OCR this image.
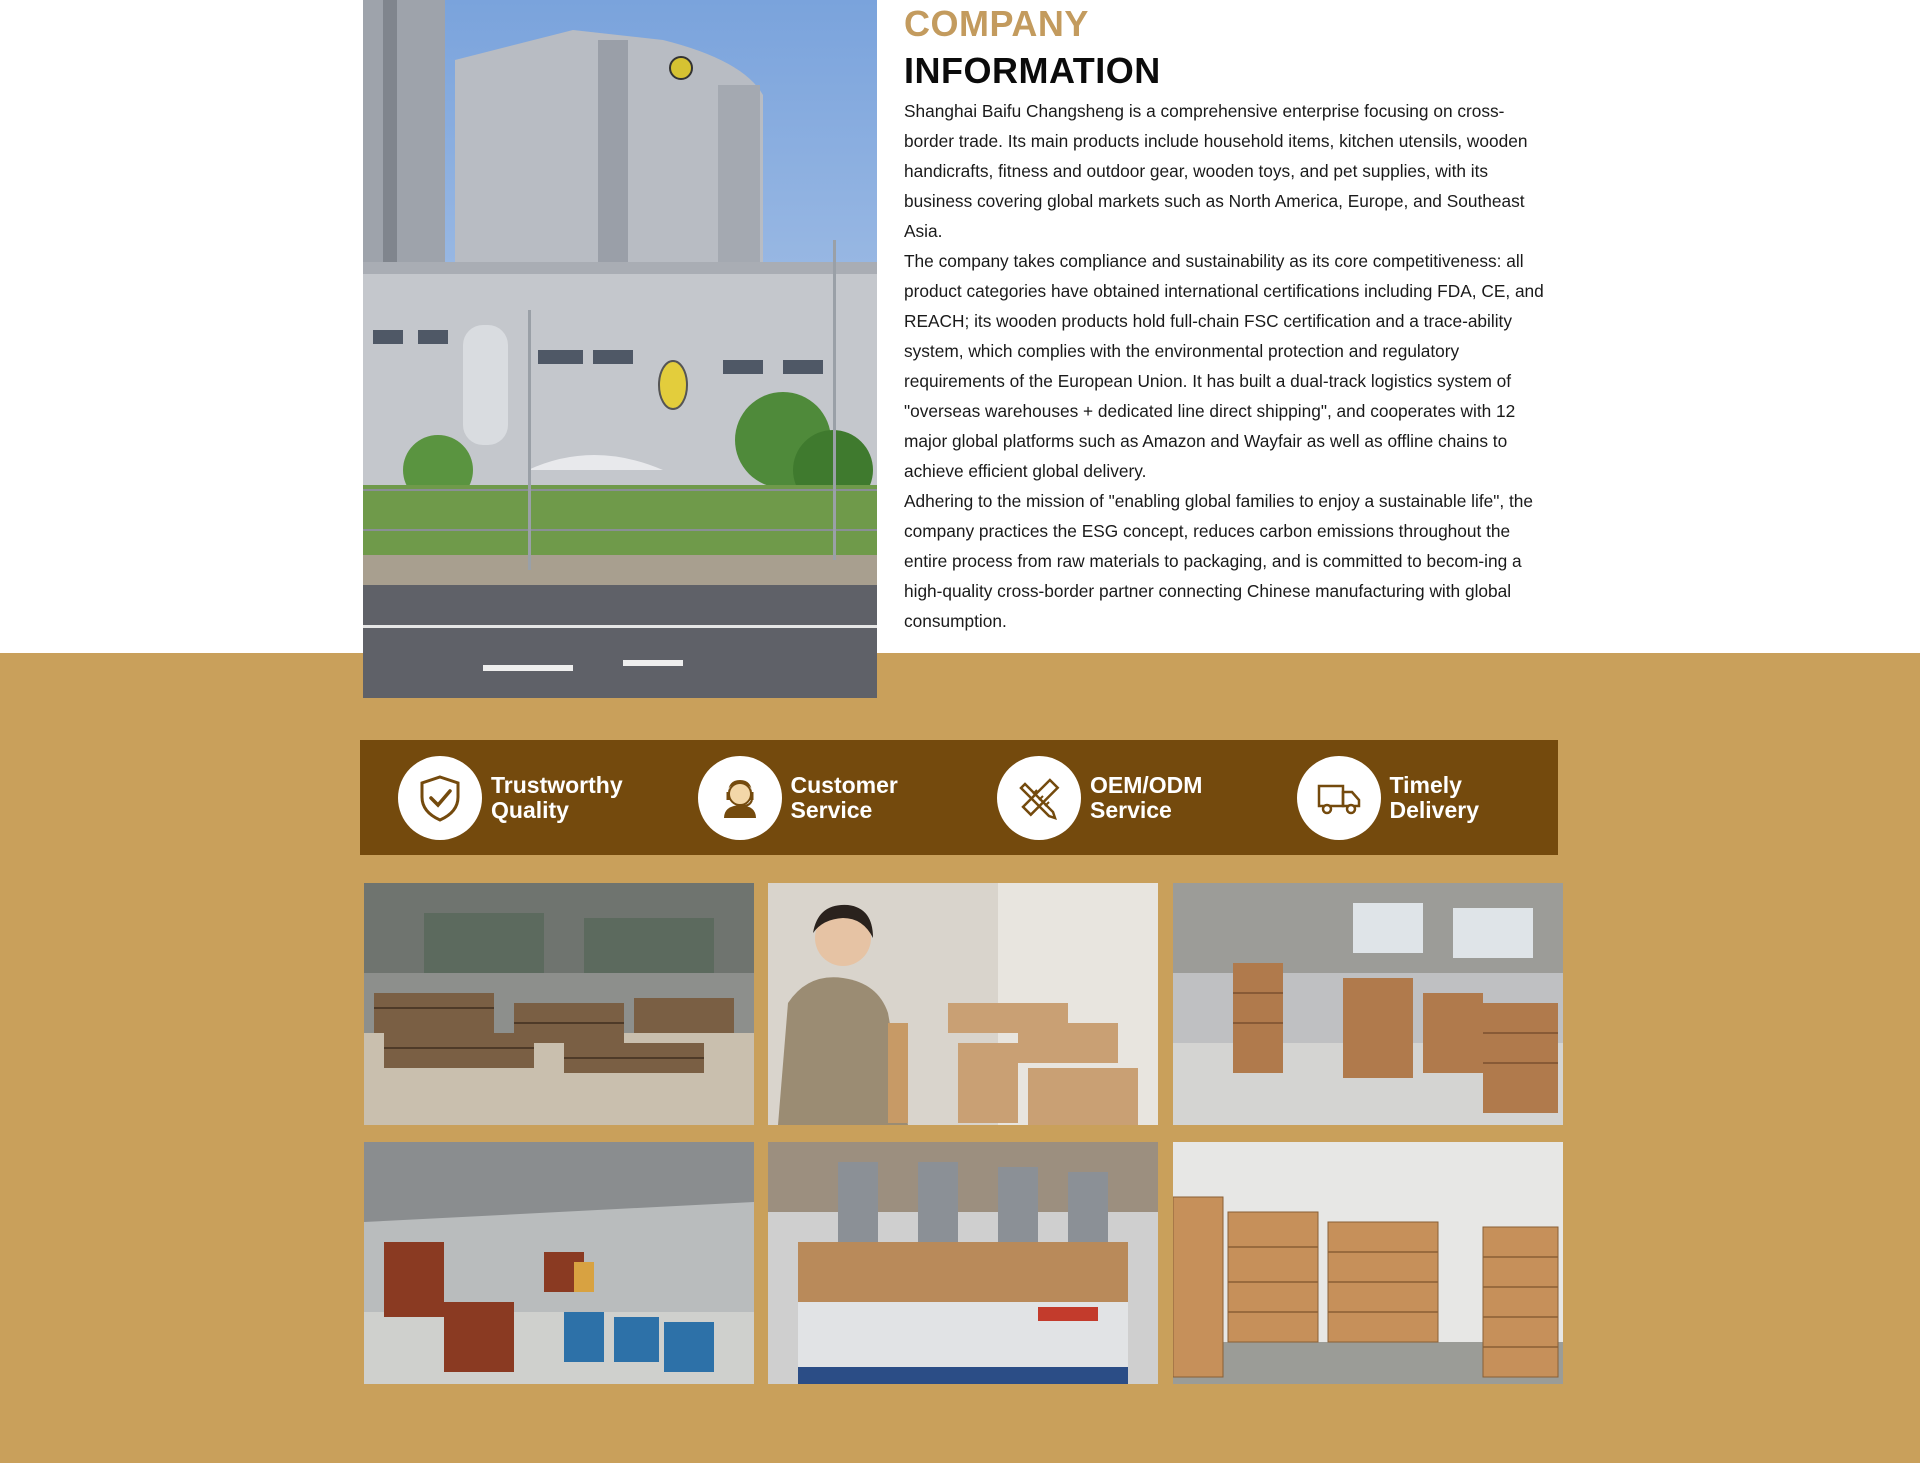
COMPANY

INFORMATION

Shanghai Baifu Changsheng is a comprehensive enterprise focusing on cross-border trade. Its main products include household items, kitchen utensils, wooden handicrafts, fitness and outdoor gear, wooden toys, and pet supplies, with its business covering global markets such as North America, Europe, and Southeast Asia.

The company takes compliance and sustainability as its core competitiveness: all product categories have obtained international certifications including FDA, CE, and REACH; its wooden products hold full-chain FSC certification and a trace-ability system, which complies with the environmental protection and regulatory requirements of the European Union. It has built a dual-track logistics system of "overseas warehouses + dedicated line direct shipping", and cooperates with 12 major global platforms such as Amazon and Wayfair as well as offline chains to achieve efficient global delivery.

Adhering to the mission of "enabling global families to enjoy a sustainable life", the company practices the ESG concept, reduces carbon emissions throughout the entire process from raw materials to packaging, and is committed to becom-ing a high-quality cross-border partner connecting Chinese manufacturing with global consumption.

Trustworthy
Quality
Customer
Service
OEM/ODM
Service
Timely
Delivery
